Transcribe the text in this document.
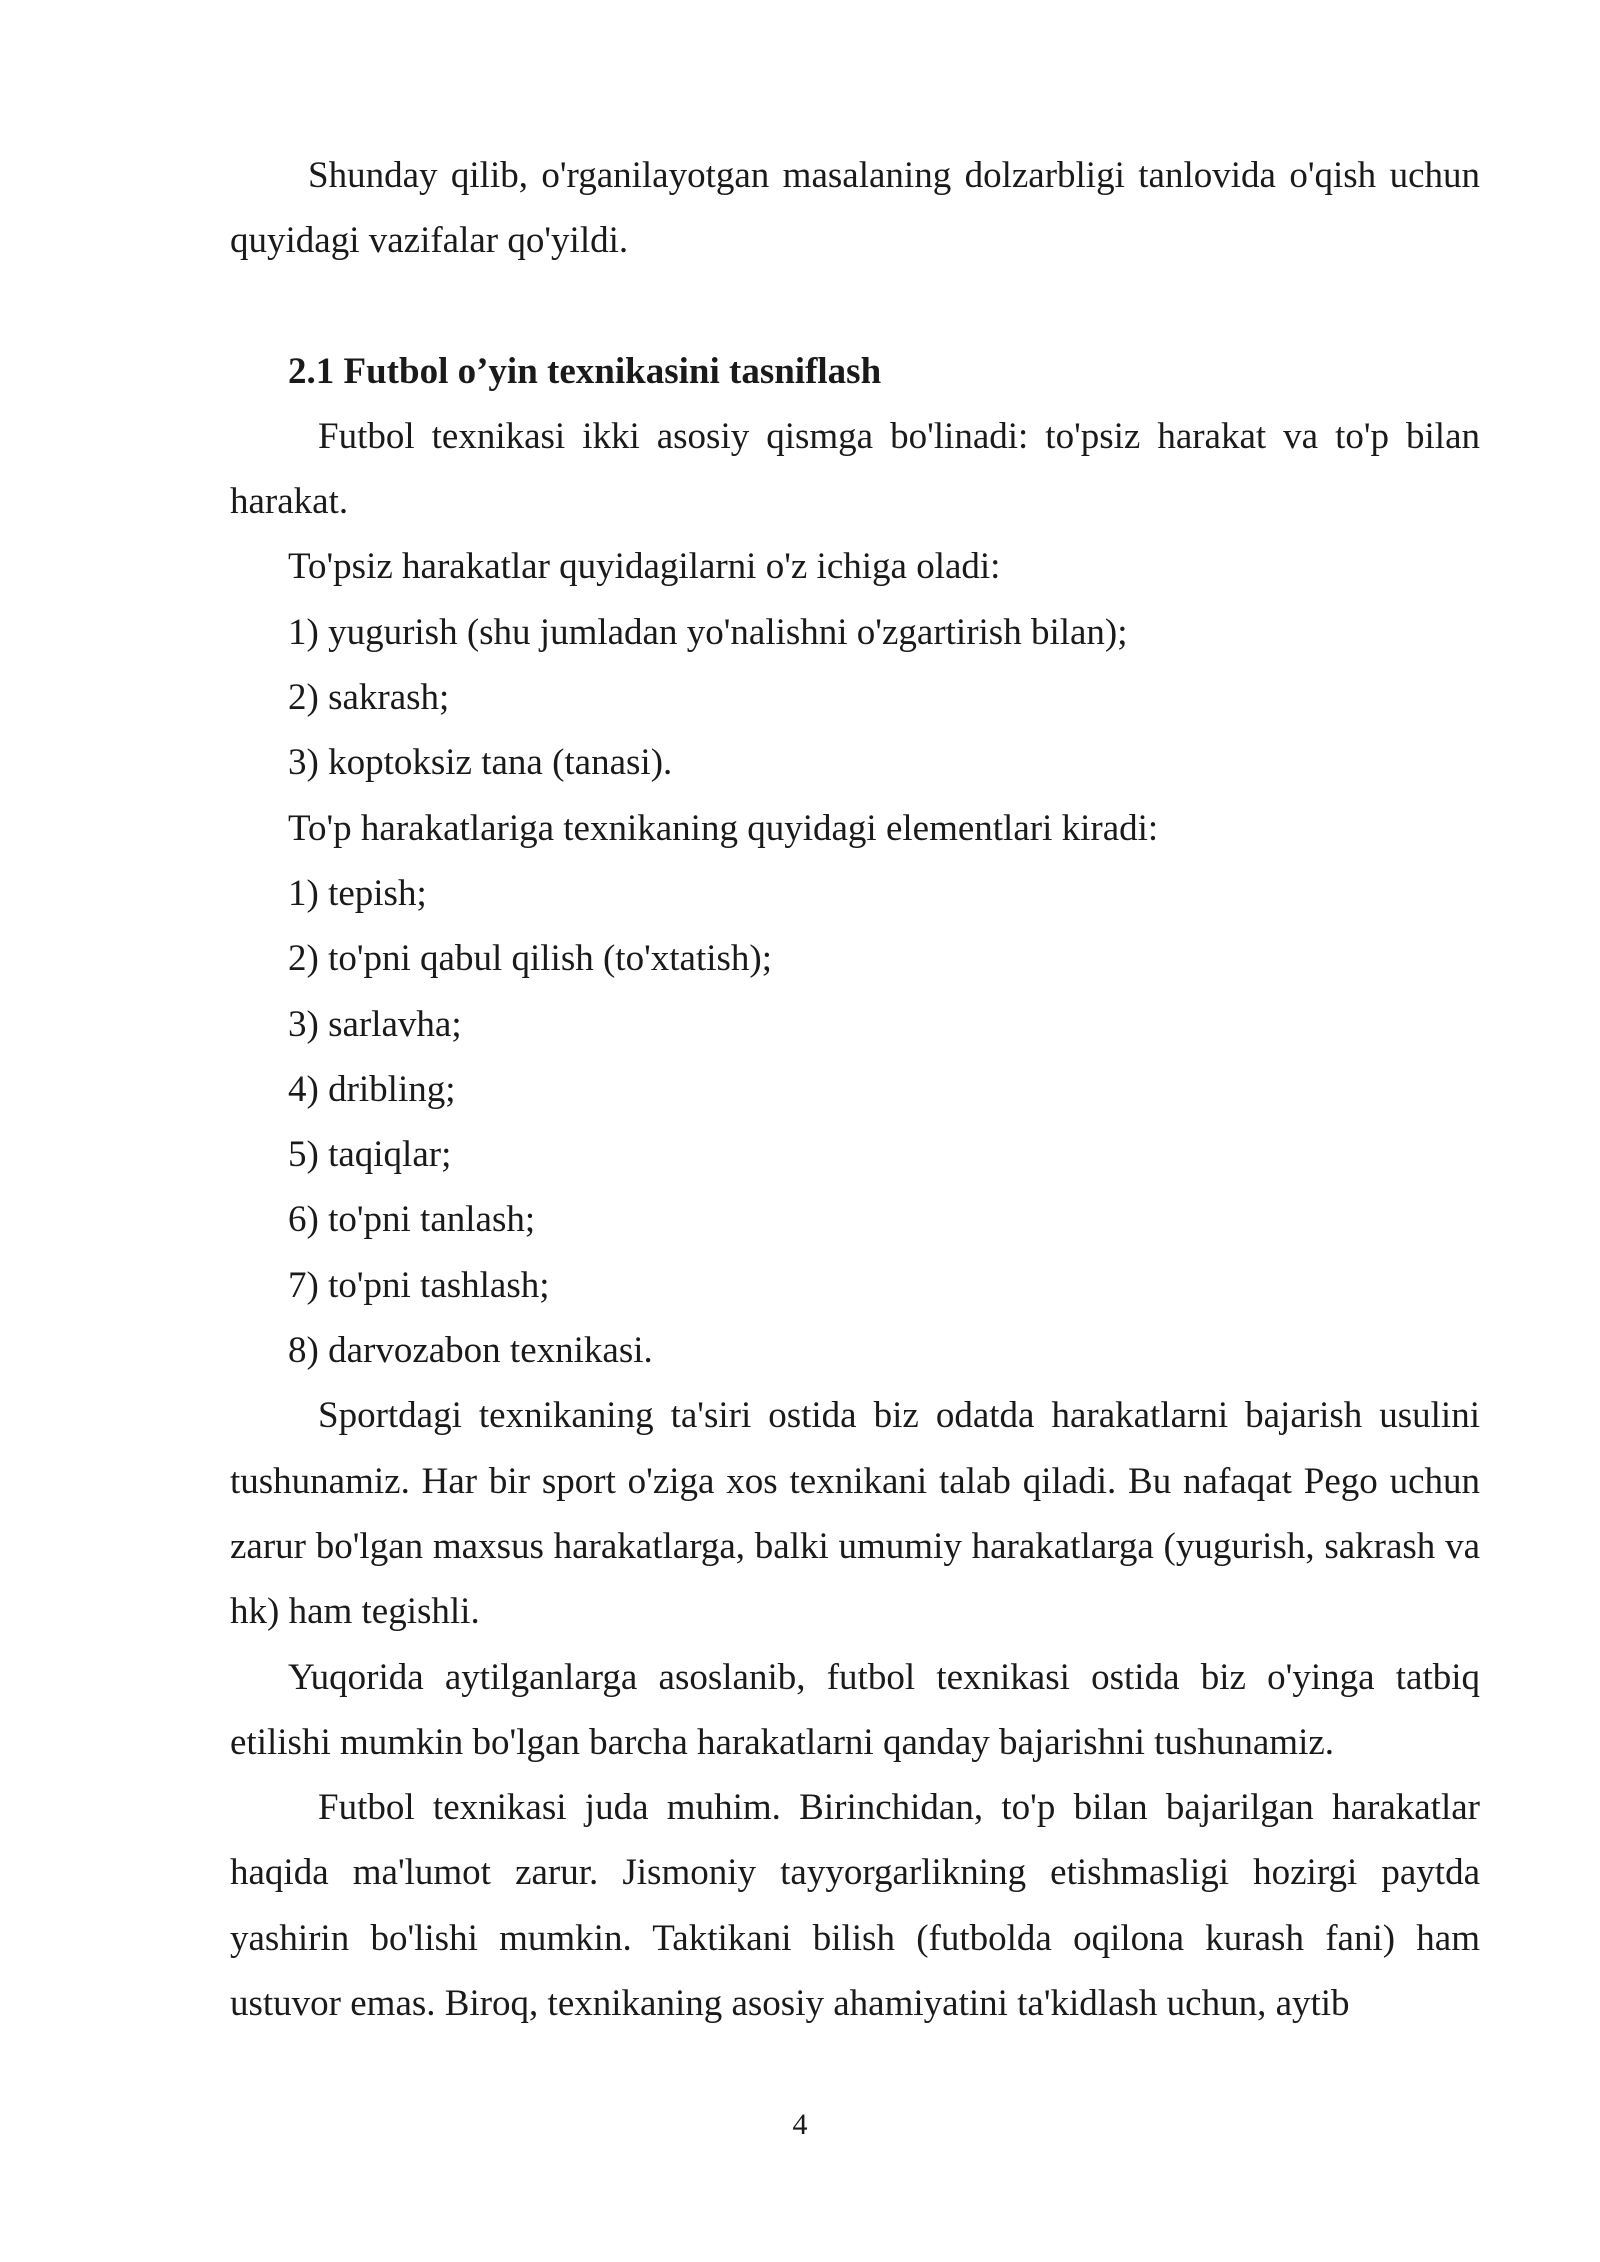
Shunday qilib, o'rganilayotgan masalaning dolzarbligi tanlovida o'qish uchun quyidagi vazifalar qo'yildi.

2.1 Futbol o’yin texnikasini tasniflash

Futbol texnikasi ikki asosiy qismga bo'linadi: to'psiz harakat va to'p bilan harakat.

To'psiz harakatlar quyidagilarni o'z ichiga oladi:

1) yugurish (shu jumladan yo'nalishni o'zgartirish bilan);

2) sakrash;

3) koptoksiz tana (tanasi).

To'p harakatlariga texnikaning quyidagi elementlari kiradi:

1) tepish;

2) to'pni qabul qilish (to'xtatish);

3) sarlavha;

4) dribling;

5) taqiqlar;

6) to'pni tanlash;

7) to'pni tashlash;

8) darvozabon texnikasi.

Sportdagi texnikaning ta'siri ostida biz odatda harakatlarni bajarish usulini tushunamiz. Har bir sport o'ziga xos texnikani talab qiladi. Bu nafaqat Pego uchun zarur bo'lgan maxsus harakatlarga, balki umumiy harakatlarga (yugurish, sakrash va hk) ham tegishli.

Yuqorida aytilganlarga asoslanib, futbol texnikasi ostida biz o'yinga tatbiq etilishi mumkin bo'lgan barcha harakatlarni qanday bajarishni tushunamiz.

Futbol texnikasi juda muhim. Birinchidan, to'p bilan bajarilgan harakatlar haqida ma'lumot zarur. Jismoniy tayyorgarlikning etishmasligi hozirgi paytda yashirin bo'lishi mumkin. Taktikani bilish (futbolda oqilona kurash fani) ham ustuvor emas. Biroq, texnikaning asosiy ahamiyatini ta'kidlash uchun, aytib

4
